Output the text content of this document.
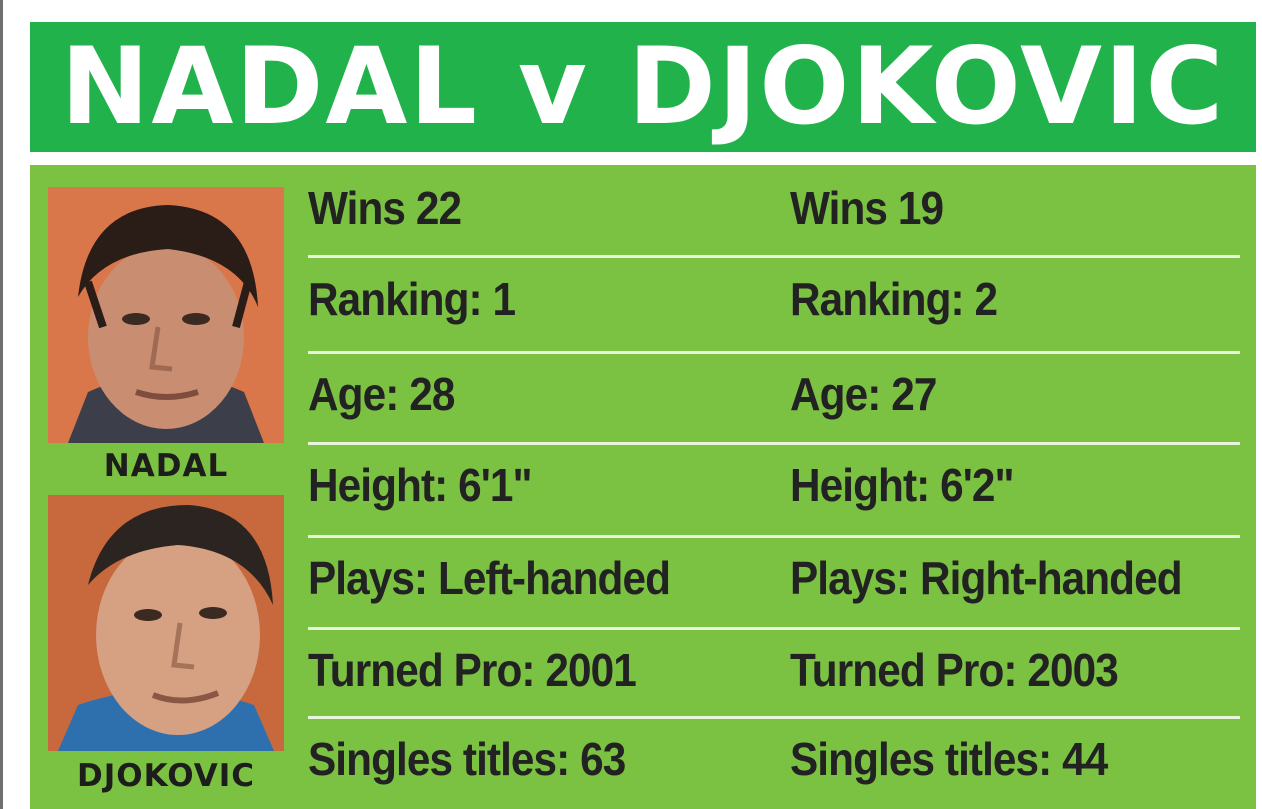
NADAL v DJOKOVIC
NADAL
DJOKOVIC
Wins 22	Wins 19
Ranking: 1	Ranking: 2
Age: 28	Age: 27
Height: 6'1"	Height: 6'2"
Plays: Left-handed	Plays: Right-handed
Turned Pro: 2001	Turned Pro: 2003
Singles titles: 63	Singles titles: 44
